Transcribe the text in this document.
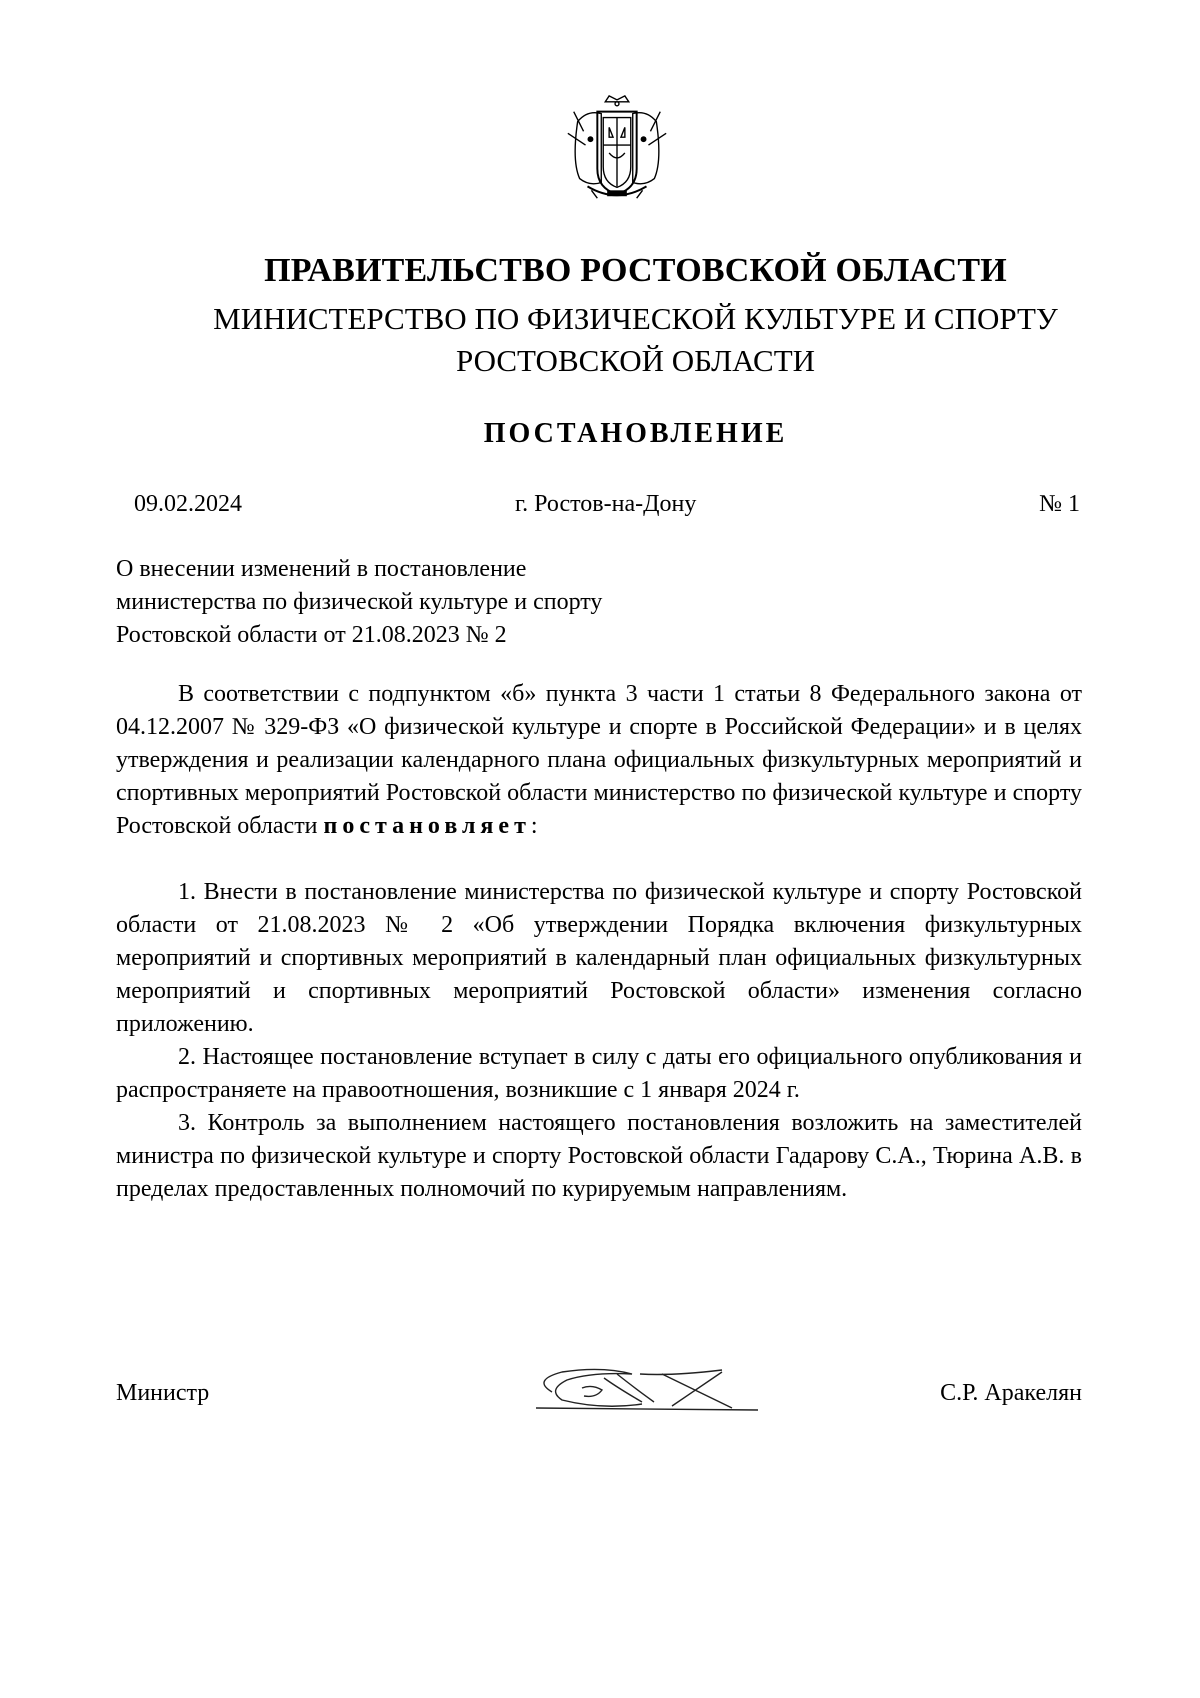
ПРАВИТЕЛЬСТВО РОСТОВСКОЙ ОБЛАСТИ
МИНИСТЕРСТВО ПО ФИЗИЧЕСКОЙ КУЛЬТУРЕ И СПОРТУ
РОСТОВСКОЙ ОБЛАСТИ
ПОСТАНОВЛЕНИЕ
09.02.2024	г. Ростов-на-Дону	№ 1
О внесении изменений в постановление
министерства по физической культуре и спорту
Ростовской области от 21.08.2023 № 2

В соответствии с подпунктом «б» пункта 3 части 1 статьи 8 Федерального закона от 04.12.2007 № 329-ФЗ «О физической культуре и спорте в Российской Федерации» и в целях утверждения и реализации календарного плана официальных физкультурных мероприятий и спортивных мероприятий Ростовской области министерство по физической культуре и спорту Ростовской области постановляет:

1. Внести в постановление министерства по физической культуре и спорту Ростовской области от 21.08.2023 № 2 «Об утверждении Порядка включения физкультурных мероприятий и спортивных мероприятий в календарный план официальных физкультурных мероприятий и спортивных мероприятий Ростовской области» изменения согласно приложению.

2. Настоящее постановление вступает в силу с даты его официального опубликования и распространяете на правоотношения, возникшие с 1 января 2024 г.

3. Контроль за выполнением настоящего постановления возложить на заместителей министра по физической культуре и спорту Ростовской области Гадарову С.А., Тюрина А.В. в пределах предоставленных полномочий по курируемым направлениям.

Министр	С.Р. Аракелян
